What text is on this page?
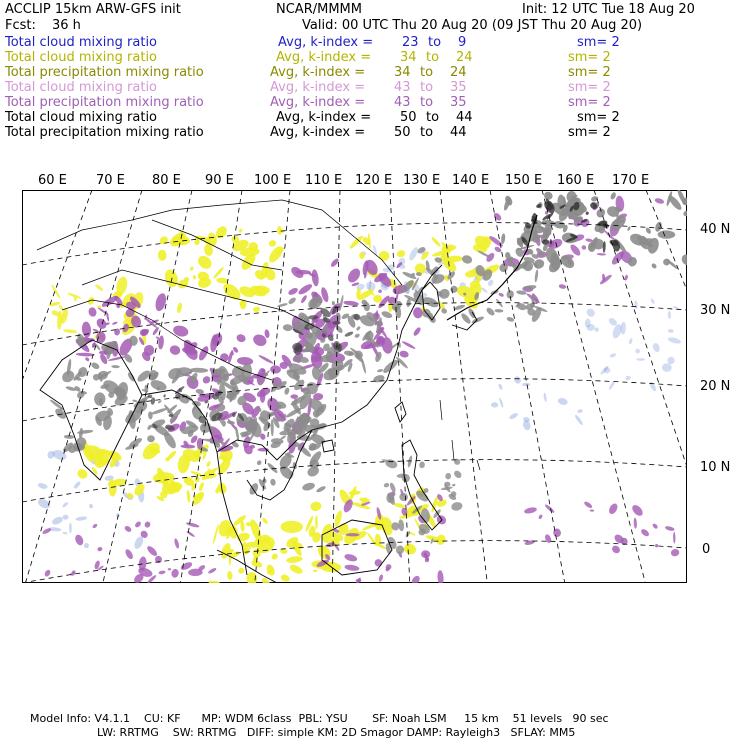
ACCLIP 15km ARW-GFS init	NCAR/MMMM	Init: 12 UTC Tue 18 Aug 20
Fcst: 36 h	Valid: 00 UTC Thu 20 Aug 20 (09 JST Thu 20 Aug 20)
Total cloud mixing ratio	Avg, k-index = 23 to 9	sm= 2
Total cloud mixing ratio	Avg, k-index = 34 to 24	sm= 2
Total precipitation mixing ratio	Avg, k-index = 34 to 24	sm= 2
Total cloud mixing ratio	Avg, k-index = 43 to 35	sm= 2
Total precipitation mixing ratio	Avg, k-index = 43 to 35	sm= 2
Total cloud mixing ratio	Avg, k-index = 50 to 44	sm= 2
Total precipitation mixing ratio	Avg, k-index = 50 to 44	sm= 2
60 E 70 E 80 E 90 E 100 E 110 E 120 E 130 E 140 E 150 E 160 E 170 E
40 N
30 N
20 N
10 N
0
Model Info: V4.1.1    CU: KF      MP: WDM 6class  PBL: YSU       SF: Noah LSM     15 km    51 levels   90 sec
LW: RRTMG    SW: RRTMG   DIFF: simple KM: 2D Smagor DAMP: Rayleigh3   SFLAY: MM5
